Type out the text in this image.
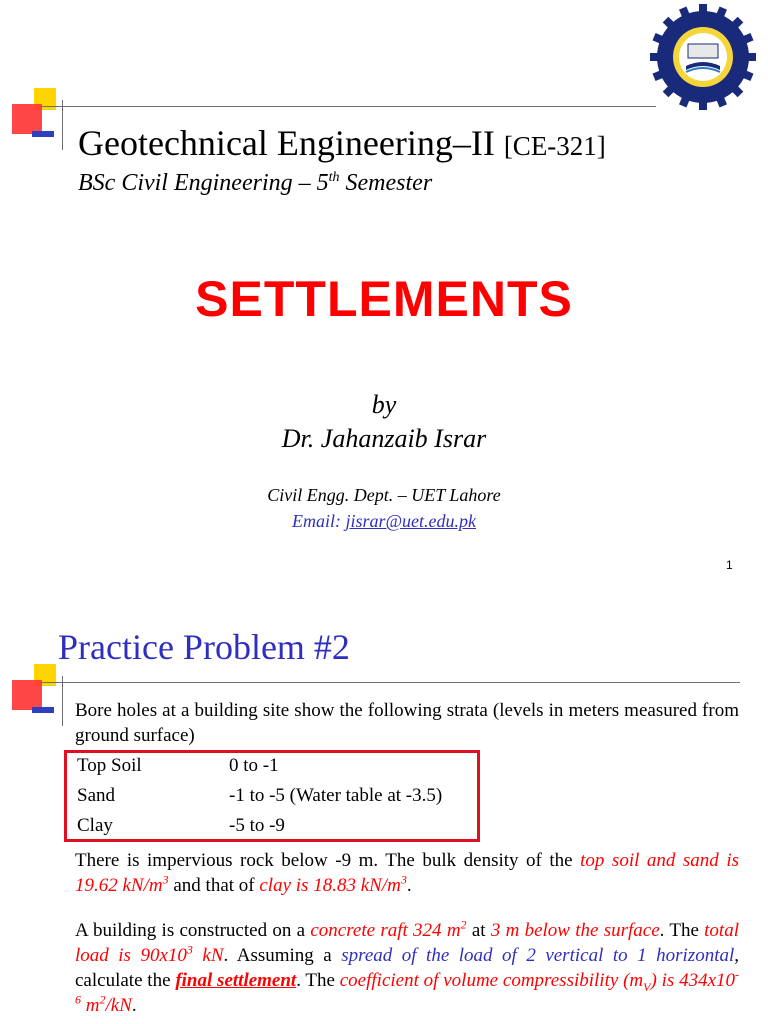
Geotechnical Engineering–II [CE-321]
BSc Civil Engineering – 5th Semester
SETTLEMENTS
by
Dr. Jahanzaib Israr
Civil Engg. Dept. – UET Lahore
Email: jisrar@uet.edu.pk
1
Practice Problem #2
Bore holes at a building site show the following strata (levels in meters measured from ground surface)
Top Soil	0 to -1
Sand	-1 to -5 (Water table at -3.5)
Clay	-5 to -9
There is impervious rock below -9 m. The bulk density of the top soil and sand is 19.62 $kN/m^3$ and that of clay is 18.83 $kN/m^3$.
A building is constructed on a concrete raft 324 $m^2$ at 3 m below the surface. The total load is $90x10^3$ kN. Assuming a spread of the load of 2 vertical to 1 horizontal, calculate the final settlement. The coefficient of volume compressibility $(m_V)$ is $434x10^{-6}$ $m^2/kN$.
